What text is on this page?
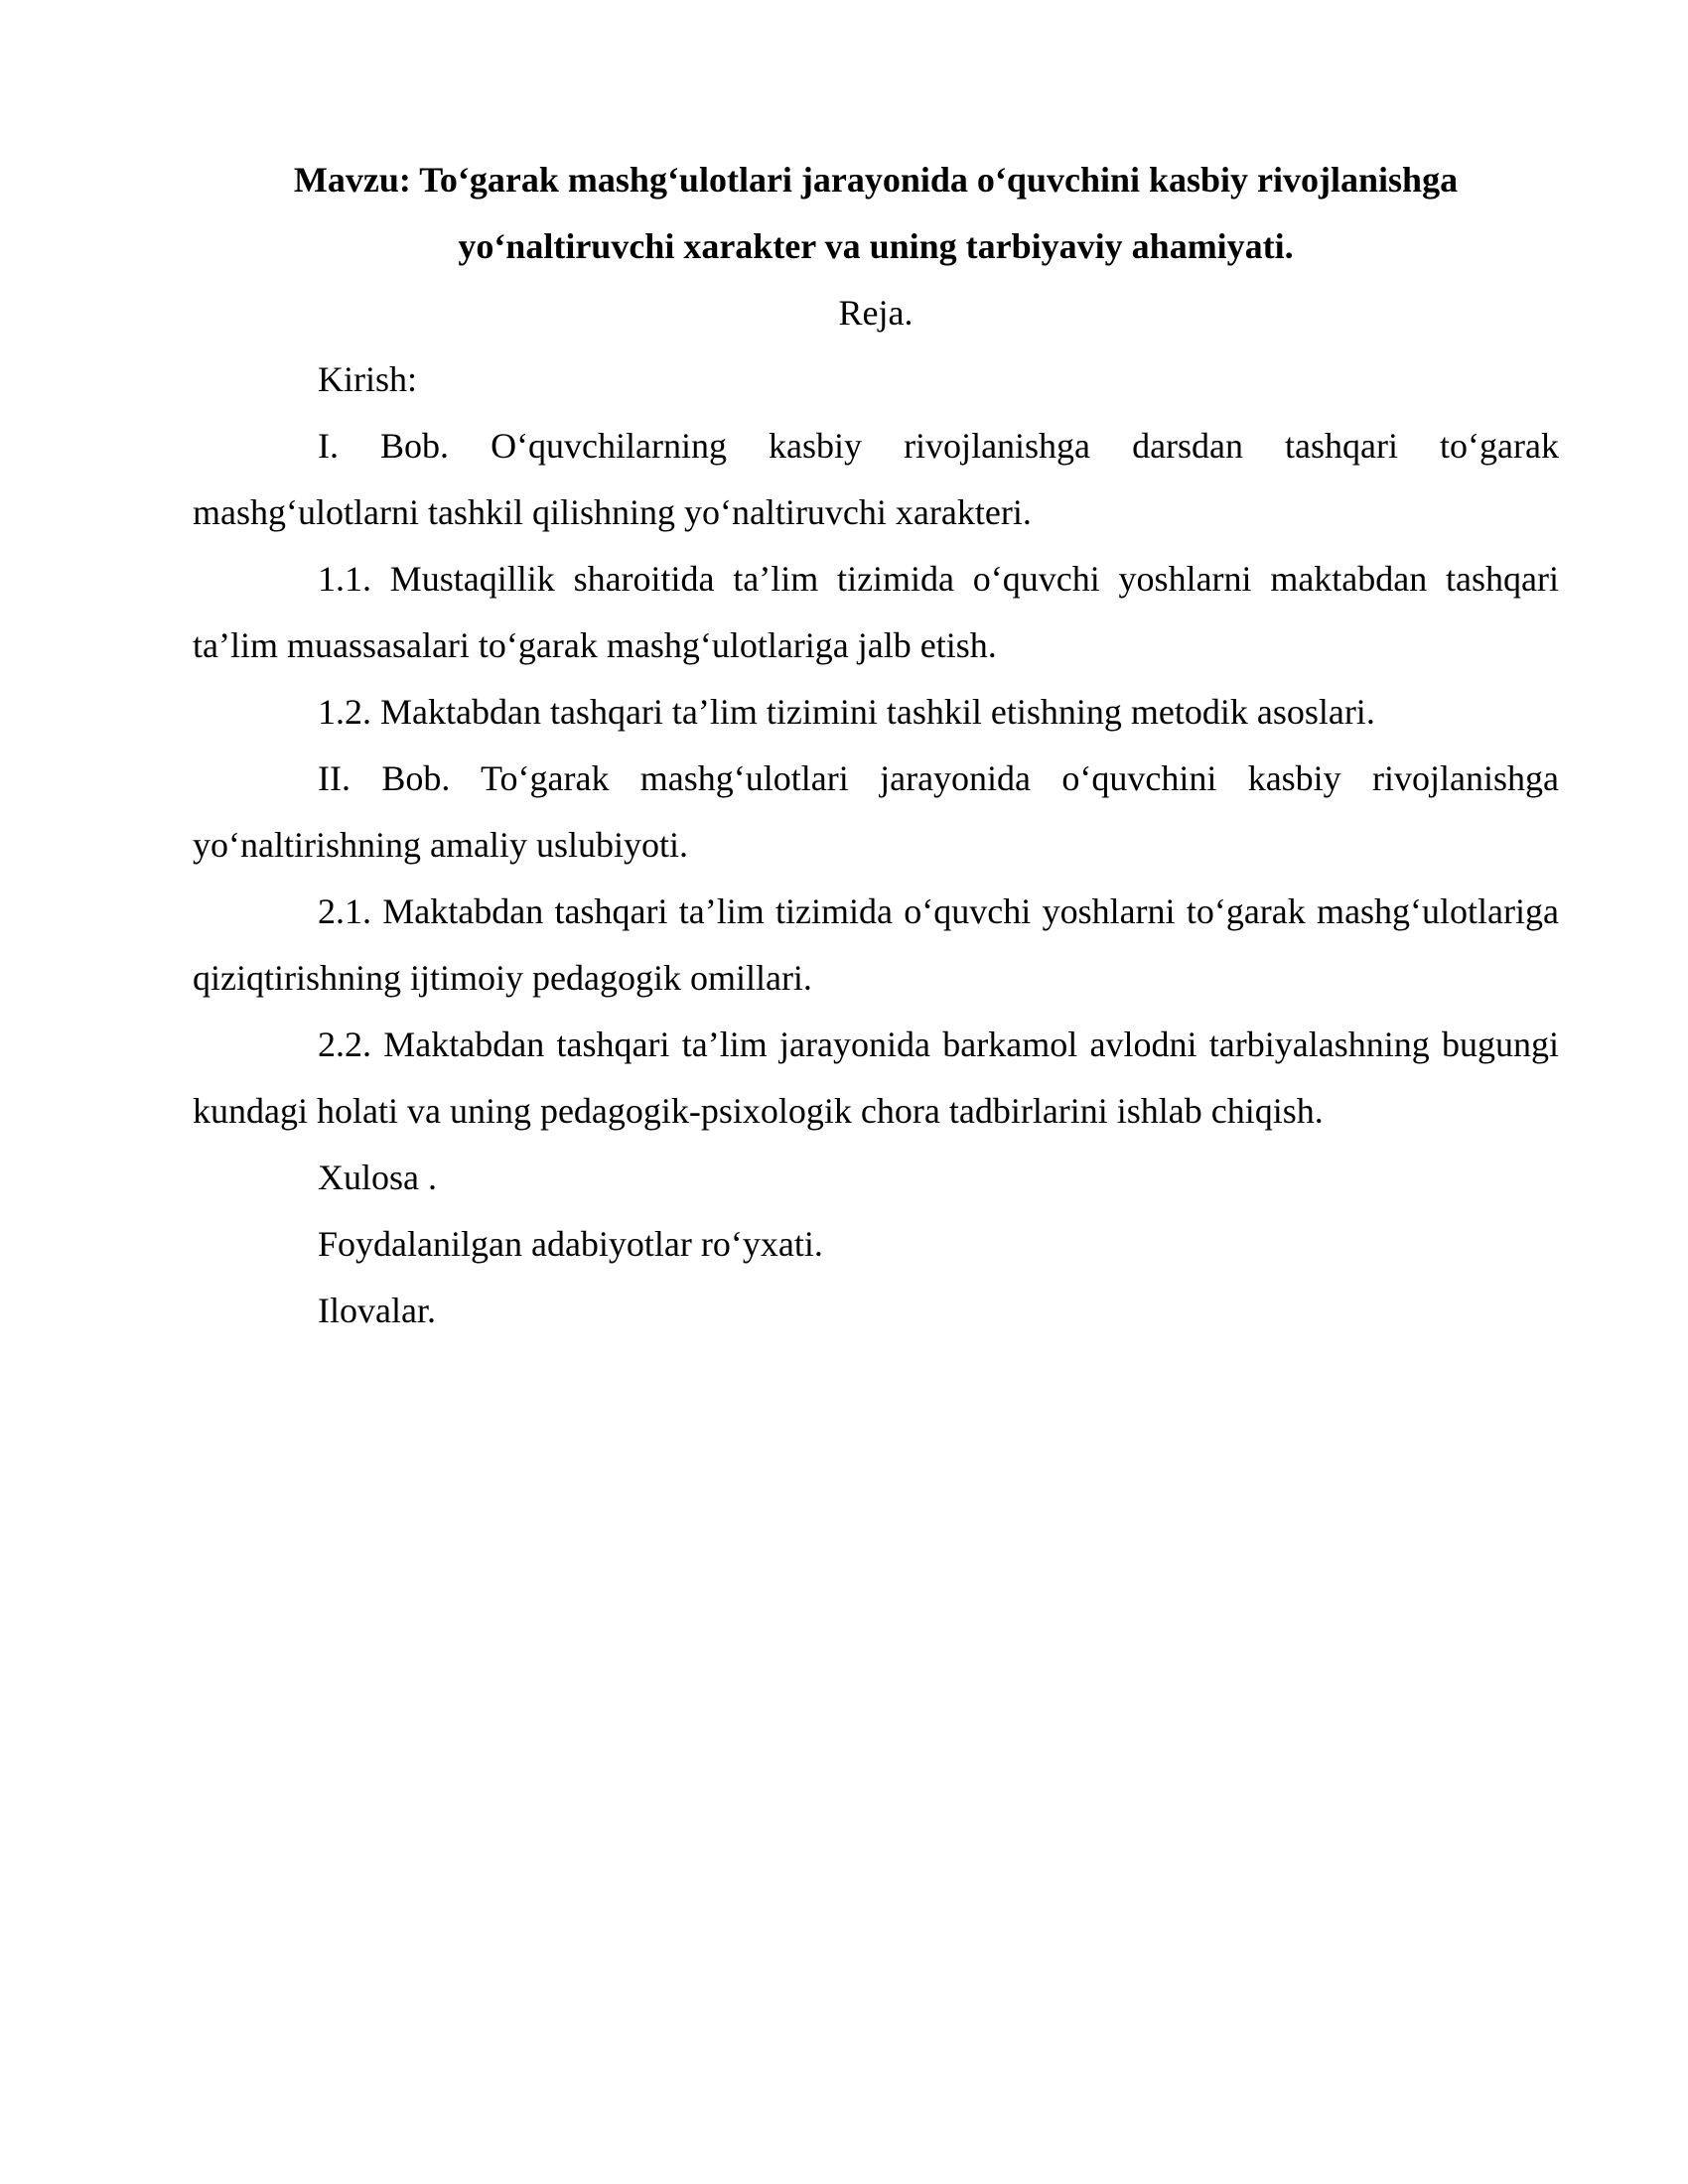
Mavzu: To‘garak mashg‘ulotlari jarayonida o‘quvchini kasbiy rivojlanishga
yo‘naltiruvchi xarakter va uning tarbiyaviy ahamiyati.

Reja.

Kirish:

I. Bob. O‘quvchilarning kasbiy rivojlanishga darsdan tashqari to‘garak mashg‘ulotlarni tashkil qilishning yo‘naltiruvchi xarakteri.

1.1. Mustaqillik sharoitida ta’lim tizimida o‘quvchi yoshlarni maktabdan tashqari ta’lim muassasalari to‘garak mashg‘ulotlariga jalb etish.

1.2. Maktabdan tashqari ta’lim tizimini tashkil etishning metodik asoslari.

II. Bob. To‘garak mashg‘ulotlari jarayonida o‘quvchini kasbiy rivojlanishga yo‘naltirishning amaliy uslubiyoti.

2.1. Maktabdan tashqari ta’lim tizimida o‘quvchi yoshlarni to‘garak mashg‘ulotlariga qiziqtirishning ijtimoiy pedagogik omillari.

2.2. Maktabdan tashqari ta’lim jarayonida barkamol avlodni tarbiyalashning bugungi kundagi holati va uning pedagogik-psixologik chora tadbirlarini ishlab chiqish.

Xulosa .

Foydalanilgan adabiyotlar ro‘yxati.

Ilovalar.
